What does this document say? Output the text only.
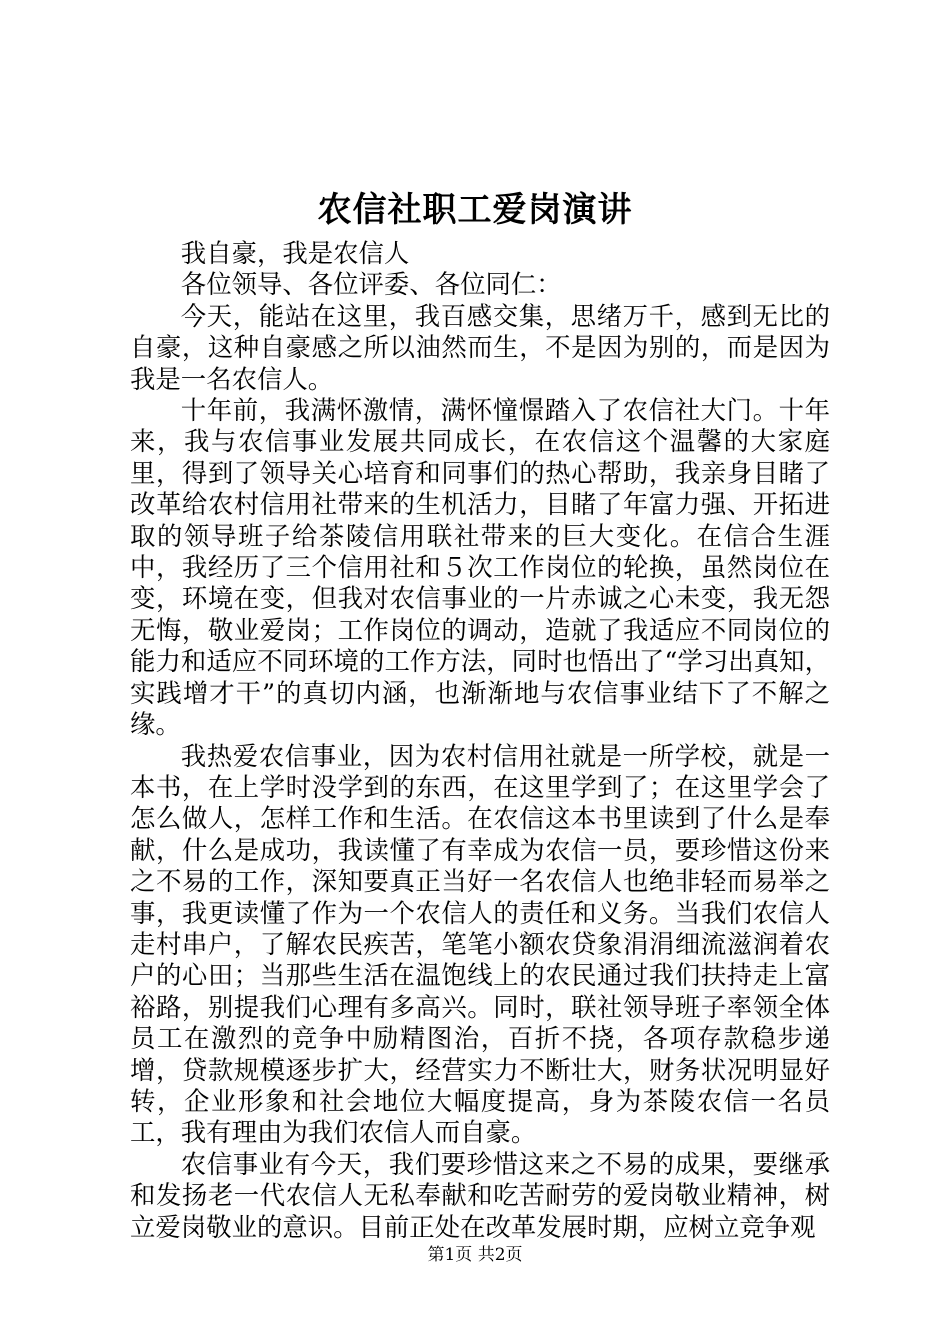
农信社职工爱岗演讲

我自豪，我是农信人

各位领导、各位评委、各位同仁：

今天，能站在这里，我百感交集，思绪万千，感到无比的自豪，这种自豪感之所以油然而生，不是因为别的，而是因为我是一名农信人。

十年前，我满怀激情，满怀憧憬踏入了农信社大门。十年来，我与农信事业发展共同成长，在农信这个温馨的大家庭里，得到了领导关心培育和同事们的热心帮助，我亲身目睹了改革给农村信用社带来的生机活力，目睹了年富力强、开拓进取的领导班子给茶陵信用联社带来的巨大变化。在信合生涯中，我经历了三个信用社和５次工作岗位的轮换，虽然岗位在变，环境在变，但我对农信事业的一片赤诚之心未变，我无怨无悔，敬业爱岗；工作岗位的调动，造就了我适应不同岗位的能力和适应不同环境的工作方法，同时也悟出了“学习出真知，实践增才干”的真切内涵，也渐渐地与农信事业结下了不解之缘。

我热爱农信事业，因为农村信用社就是一所学校，就是一本书，在上学时没学到的东西，在这里学到了；在这里学会了怎么做人，怎样工作和生活。在农信这本书里读到了什么是奉献，什么是成功，我读懂了有幸成为农信一员，要珍惜这份来之不易的工作，深知要真正当好一名农信人也绝非轻而易举之事，我更读懂了作为一个农信人的责任和义务。当我们农信人走村串户，了解农民疾苦，笔笔小额农贷象涓涓细流滋润着农户的心田；当那些生活在温饱线上的农民通过我们扶持走上富裕路，别提我们心理有多高兴。同时，联社领导班子率领全体员工在激烈的竞争中励精图治，百折不挠，各项存款稳步递增，贷款规模逐步扩大，经营实力不断壮大，财务状况明显好转，企业形象和社会地位大幅度提高，身为茶陵农信一名员工，我有理由为我们农信人而自豪。

农信事业有今天，我们要珍惜这来之不易的成果，要继承和发扬老一代农信人无私奉献和吃苦耐劳的爱岗敬业精神，树立爱岗敬业的意识。目前正处在改革发展时期，应树立竞争观

第1页 共2页
